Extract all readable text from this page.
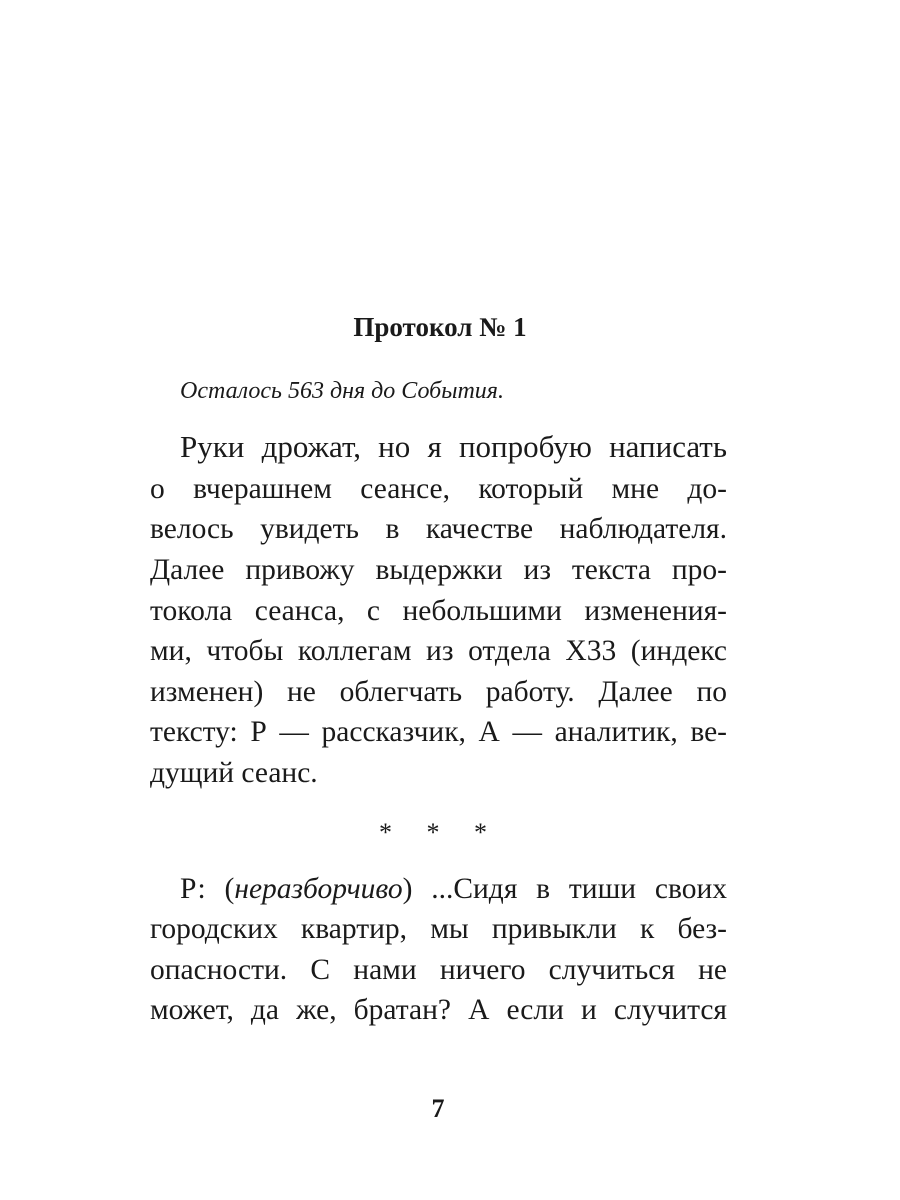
Протокол № 1
Осталось 563 дня до События.
Руки дрожат, но я попробую написать
о вчерашнем сеансе, который мне до-
велось увидеть в качестве наблюдателя.
Далее привожу выдержки из текста про-
токола сеанса, с небольшими изменения-
ми, чтобы коллегам из отдела X33 (индекс
изменен) не облегчать работу. Далее по
тексту: Р — рассказчик, А — аналитик, ве-
дущий сеанс.
* * *
Р: (неразборчиво) ...Сидя в тиши своих
городских квартир, мы привыкли к без-
опасности. С нами ничего случиться не
может, да же, братан? А если и случится
7
